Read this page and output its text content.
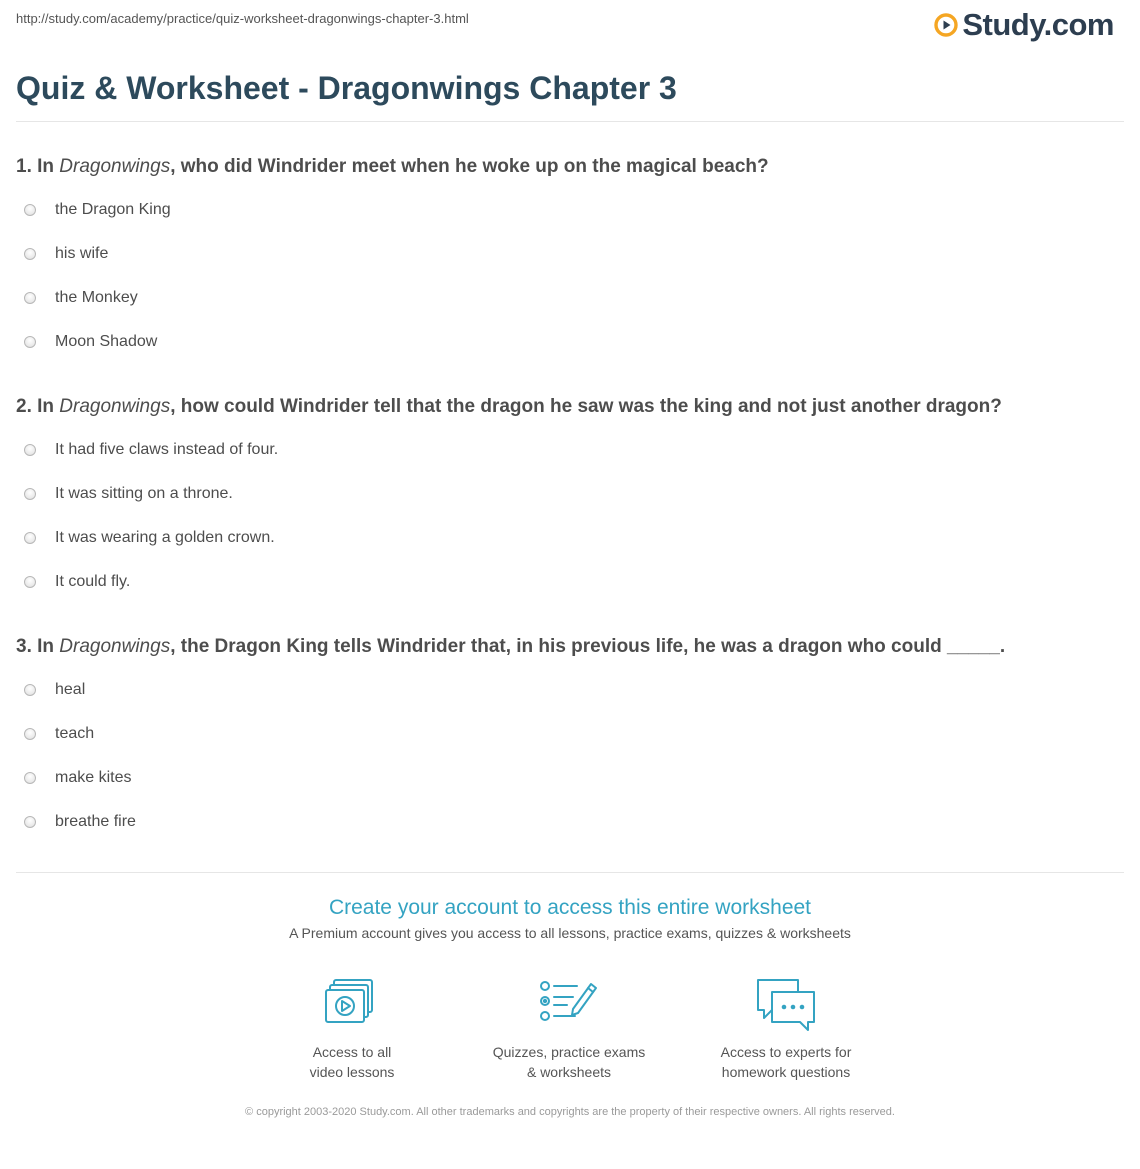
http://study.com/academy/practice/quiz-worksheet-dragonwings-chapter-3.html	Study.com
Quiz & Worksheet - Dragonwings Chapter 3

1. In Dragonwings, who did Windrider meet when he woke up on the magical beach?

the Dragon King
his wife
the Monkey
Moon Shadow

2. In Dragonwings, how could Windrider tell that the dragon he saw was the king and not just another dragon?

It had five claws instead of four.
It was sitting on a throne.
It was wearing a golden crown.
It could fly.

3. In Dragonwings, the Dragon King tells Windrider that, in his previous life, he was a dragon who could _____.

heal
teach
make kites
breathe fire
Create your account to access this entire worksheet
A Premium account gives you access to all lessons, practice exams, quizzes & worksheets
Access to all
video lessons
Quizzes, practice exams
& worksheets
Access to experts for
homework questions
© copyright 2003-2020 Study.com. All other trademarks and copyrights are the property of their respective owners. All rights reserved.
